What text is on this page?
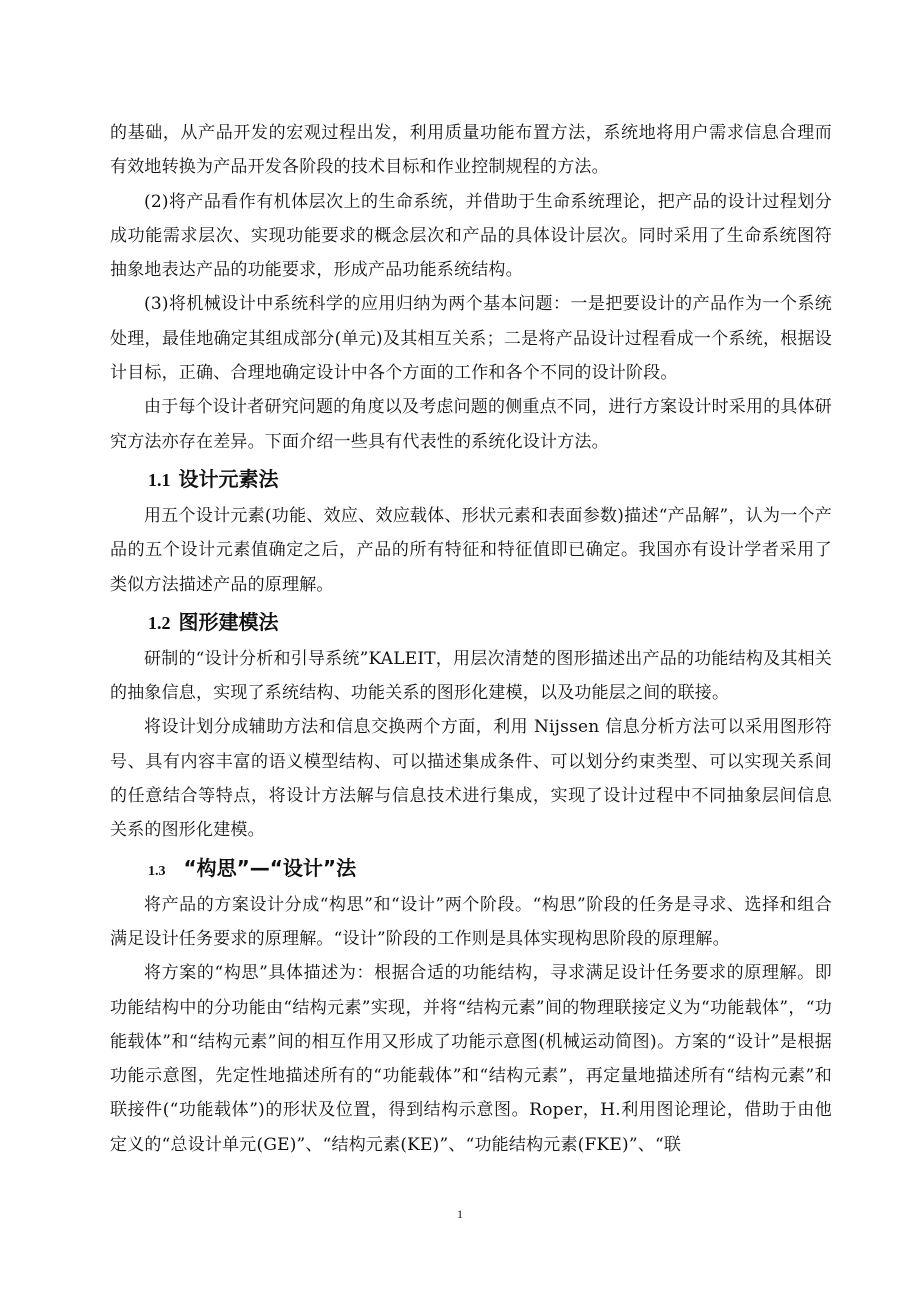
的基础，从产品开发的宏观过程出发，利用质量功能布置方法，系统地将用户需求信息合理而有效地转换为产品开发各阶段的技术目标和作业控制规程的方法。

(2)将产品看作有机体层次上的生命系统，并借助于生命系统理论，把产品的设计过程划分成功能需求层次、实现功能要求的概念层次和产品的具体设计层次。同时采用了生命系统图符抽象地表达产品的功能要求，形成产品功能系统结构。

(3)将机械设计中系统科学的应用归纳为两个基本问题：一是把要设计的产品作为一个系统处理，最佳地确定其组成部分(单元)及其相互关系；二是将产品设计过程看成一个系统，根据设计目标，正确、合理地确定设计中各个方面的工作和各个不同的设计阶段。

由于每个设计者研究问题的角度以及考虑问题的侧重点不同，进行方案设计时采用的具体研究方法亦存在差异。下面介绍一些具有代表性的系统化设计方法。

1.1 设计元素法

用五个设计元素(功能、效应、效应载体、形状元素和表面参数)描述“产品解”，认为一个产品的五个设计元素值确定之后，产品的所有特征和特征值即已确定。我国亦有设计学者采用了类似方法描述产品的原理解。

1.2 图形建模法

研制的“设计分析和引导系统”KALEIT，用层次清楚的图形描述出产品的功能结构及其相关的抽象信息，实现了系统结构、功能关系的图形化建模，以及功能层之间的联接。

将设计划分成辅助方法和信息交换两个方面，利用 Nijssen 信息分析方法可以采用图形符号、具有内容丰富的语义模型结构、可以描述集成条件、可以划分约束类型、可以实现关系间的任意结合等特点，将设计方法解与信息技术进行集成，实现了设计过程中不同抽象层间信息关系的图形化建模。

1.3 “构思”—“设计”法

将产品的方案设计分成“构思”和“设计”两个阶段。“构思”阶段的任务是寻求、选择和组合满足设计任务要求的原理解。“设计”阶段的工作则是具体实现构思阶段的原理解。

将方案的“构思”具体描述为：根据合适的功能结构，寻求满足设计任务要求的原理解。即功能结构中的分功能由“结构元素”实现，并将“结构元素”间的物理联接定义为“功能载体”，“功能载体”和“结构元素”间的相互作用又形成了功能示意图(机械运动简图)。方案的“设计”是根据功能示意图，先定性地描述所有的“功能载体”和“结构元素”，再定量地描述所有“结构元素”和联接件(“功能载体”)的形状及位置，得到结构示意图。Roper，H.利用图论理论，借助于由他定义的“总设计单元(GE)”、“结构元素(KE)”、“功能结构元素(FKE)”、“联

1
